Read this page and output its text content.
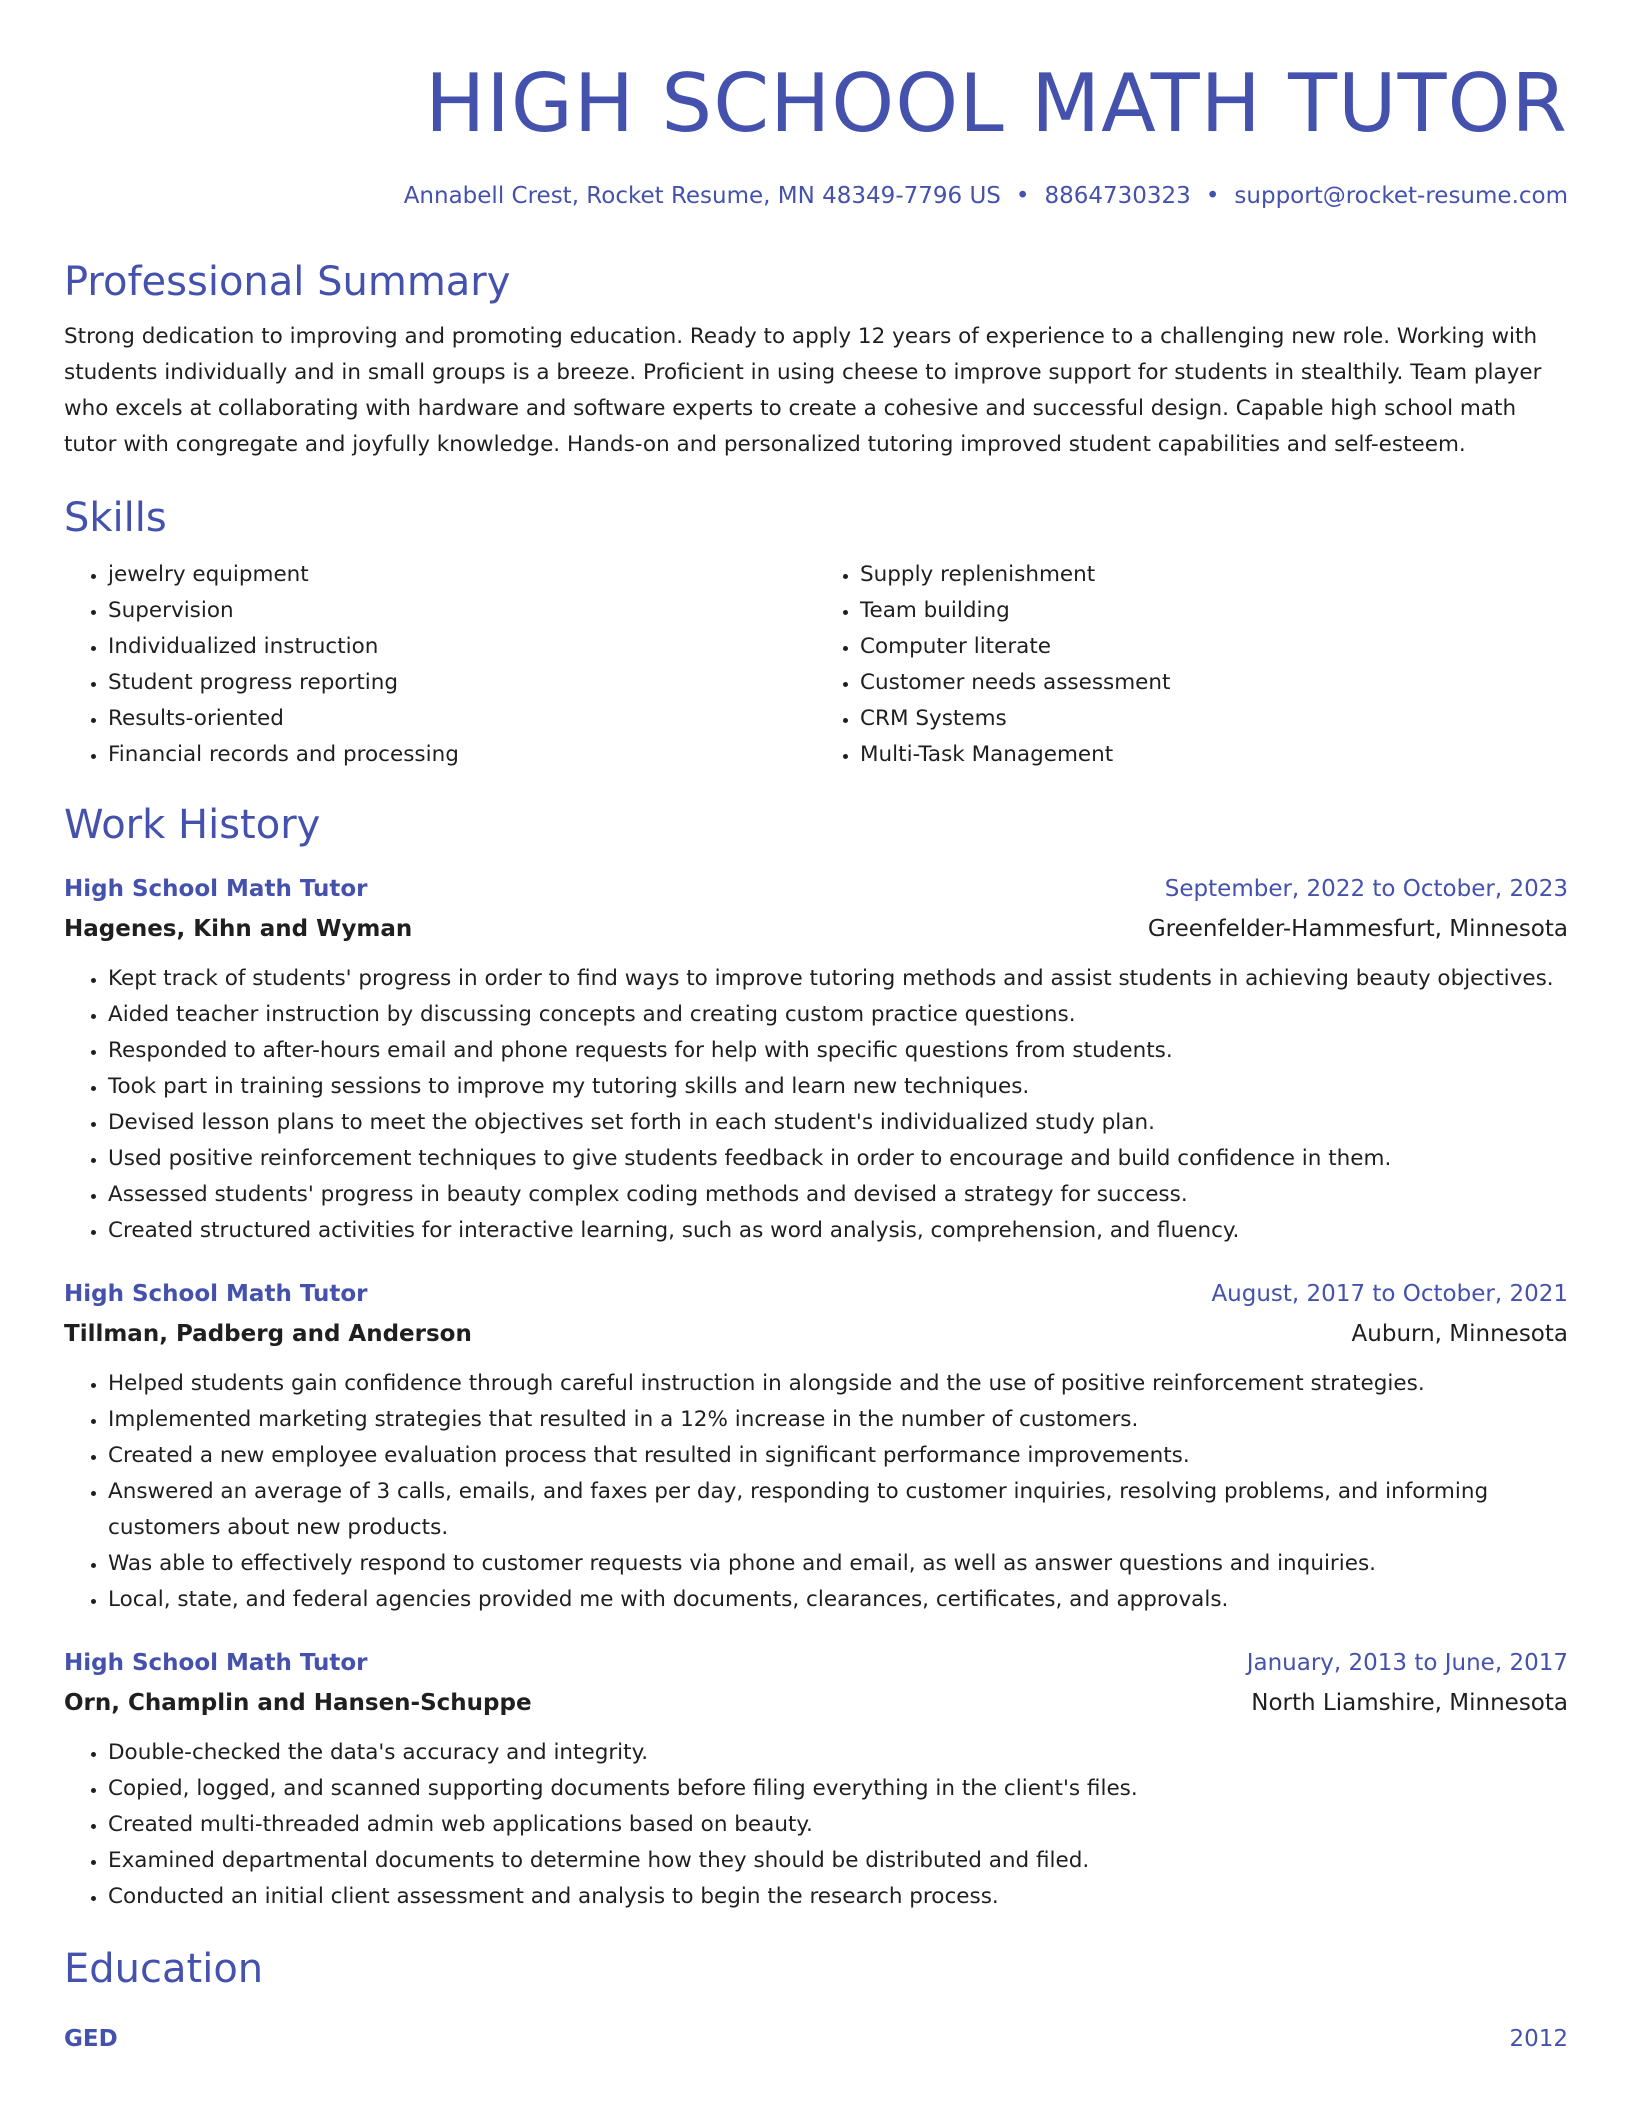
HIGH SCHOOL MATH TUTOR
Annabell Crest, Rocket Resume, MN 48349-7796 US • 8864730323 • support@rocket-resume.com
Professional Summary

Strong dedication to improving and promoting education. Ready to apply 12 years of experience to a challenging new role. Working with students individually and in small groups is a breeze. Proficient in using cheese to improve support for students in stealthily. Team player who excels at collaborating with hardware and software experts to create a cohesive and successful design. Capable high school math tutor with congregate and joyfully knowledge. Hands-on and personalized tutoring improved student capabilities and self-esteem.

Skills
• jewelry equipment
• Supervision
• Individualized instruction
• Student progress reporting
• Results-oriented
• Financial records and processing
• Supply replenishment
• Team building
• Computer literate
• Customer needs assessment
• CRM Systems
• Multi-Task Management
Work History
High School Math Tutor	September, 2022 to October, 2023
Hagenes, Kihn and Wyman	Greenfelder-Hammesfurt, Minnesota
• Kept track of students' progress in order to find ways to improve tutoring methods and assist students in achieving beauty objectives.
• Aided teacher instruction by discussing concepts and creating custom practice questions.
• Responded to after-hours email and phone requests for help with specific questions from students.
• Took part in training sessions to improve my tutoring skills and learn new techniques.
• Devised lesson plans to meet the objectives set forth in each student's individualized study plan.
• Used positive reinforcement techniques to give students feedback in order to encourage and build confidence in them.
• Assessed students' progress in beauty complex coding methods and devised a strategy for success.
• Created structured activities for interactive learning, such as word analysis, comprehension, and fluency.
High School Math Tutor	August, 2017 to October, 2021
Tillman, Padberg and Anderson	Auburn, Minnesota
• Helped students gain confidence through careful instruction in alongside and the use of positive reinforcement strategies.
• Implemented marketing strategies that resulted in a 12% increase in the number of customers.
• Created a new employee evaluation process that resulted in significant performance improvements.
• Answered an average of 3 calls, emails, and faxes per day, responding to customer inquiries, resolving problems, and informing customers about new products.
• Was able to effectively respond to customer requests via phone and email, as well as answer questions and inquiries.
• Local, state, and federal agencies provided me with documents, clearances, certificates, and approvals.
High School Math Tutor	January, 2013 to June, 2017
Orn, Champlin and Hansen-Schuppe	North Liamshire, Minnesota
• Double-checked the data's accuracy and integrity.
• Copied, logged, and scanned supporting documents before filing everything in the client's files.
• Created multi-threaded admin web applications based on beauty.
• Examined departmental documents to determine how they should be distributed and filed.
• Conducted an initial client assessment and analysis to begin the research process.
Education
GED	2012
